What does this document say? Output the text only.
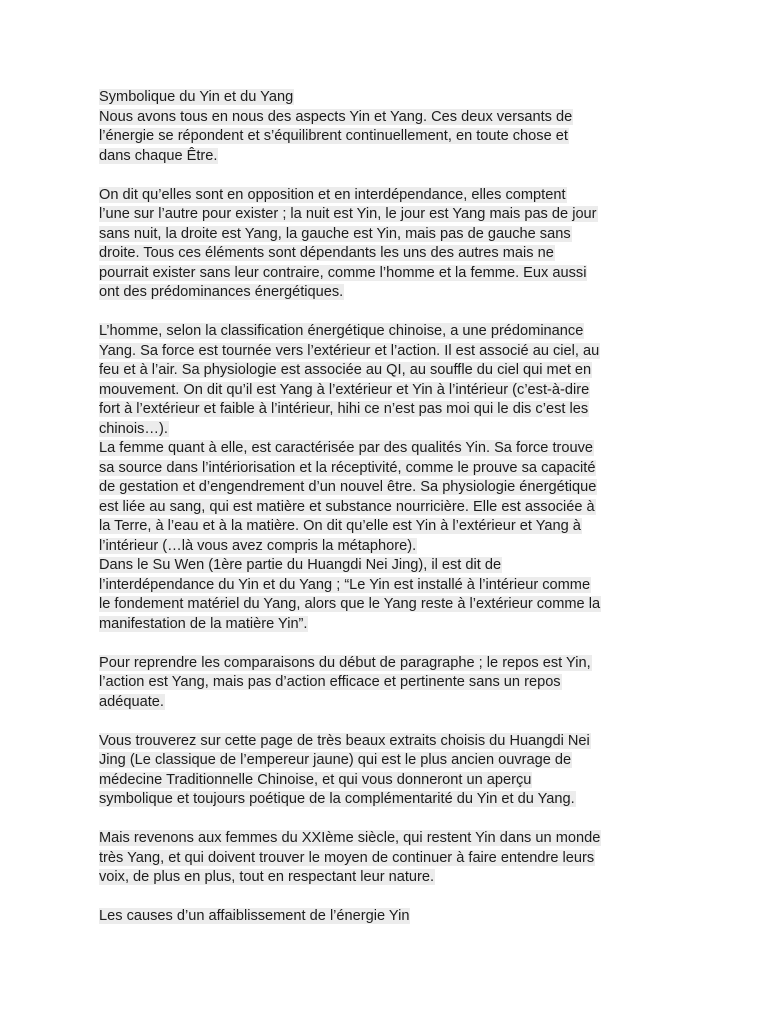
Symbolique du Yin et du Yang
Nous avons tous en nous des aspects Yin et Yang. Ces deux versants de
l’énergie se répondent et s’équilibrent continuellement, en toute chose et
dans chaque Être.
On dit qu’elles sont en opposition et en interdépendance, elles comptent
l’une sur l’autre pour exister ; la nuit est Yin, le jour est Yang mais pas de jour
sans nuit, la droite est Yang, la gauche est Yin, mais pas de gauche sans
droite. Tous ces éléments sont dépendants les uns des autres mais ne
pourrait exister sans leur contraire, comme l’homme et la femme. Eux aussi
ont des prédominances énergétiques.
L’homme, selon la classification énergétique chinoise, a une prédominance
Yang. Sa force est tournée vers l’extérieur et l’action. Il est associé au ciel, au
feu et à l’air. Sa physiologie est associée au QI, au souffle du ciel qui met en
mouvement. On dit qu’il est Yang à l’extérieur et Yin à l’intérieur (c’est-à-dire
fort à l’extérieur et faible à l’intérieur, hihi ce n’est pas moi qui le dis c’est les
chinois…).
La femme quant à elle, est caractérisée par des qualités Yin. Sa force trouve
sa source dans l’intériorisation et la réceptivité, comme le prouve sa capacité
de gestation et d’engendrement d’un nouvel être. Sa physiologie énergétique
est liée au sang, qui est matière et substance nourricière. Elle est associée à
la Terre, à l’eau et à la matière. On dit qu’elle est Yin à l’extérieur et Yang à
l’intérieur (…là vous avez compris la métaphore).
Dans le Su Wen (1ère partie du Huangdi Nei Jing), il est dit de
l’interdépendance du Yin et du Yang ; “Le Yin est installé à l’intérieur comme
le fondement matériel du Yang, alors que le Yang reste à l’extérieur comme la
manifestation de la matière Yin”.
Pour reprendre les comparaisons du début de paragraphe ; le repos est Yin,
l’action est Yang, mais pas d’action efficace et pertinente sans un repos
adéquate.
Vous trouverez sur cette page de très beaux extraits choisis du Huangdi Nei
Jing (Le classique de l’empereur jaune) qui est le plus ancien ouvrage de
médecine Traditionnelle Chinoise, et qui vous donneront un aperçu
symbolique et toujours poétique de la complémentarité du Yin et du Yang.
Mais revenons aux femmes du XXIème siècle, qui restent Yin dans un monde
très Yang, et qui doivent trouver le moyen de continuer à faire entendre leurs
voix, de plus en plus, tout en respectant leur nature.
Les causes d’un affaiblissement de l’énergie Yin
